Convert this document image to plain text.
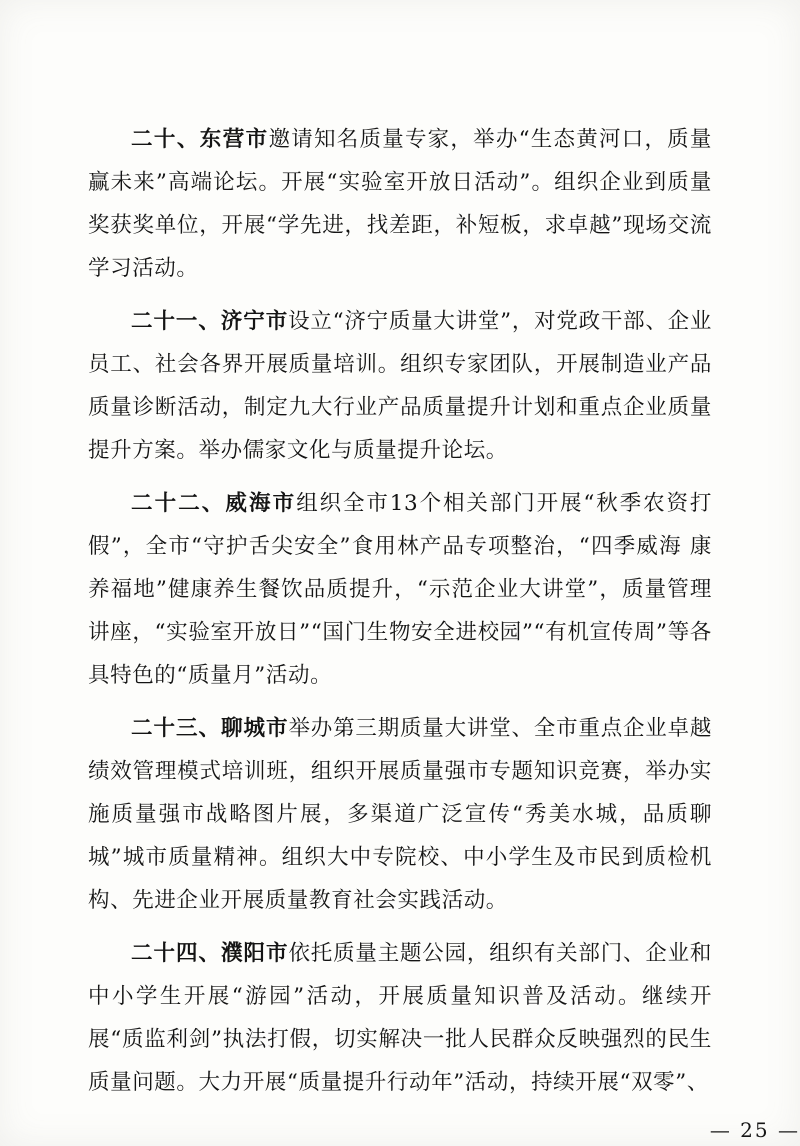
二十、东营市邀请知名质量专家，举办“生态黄河口，质量赢未来”高端论坛。开展“实验室开放日活动”。组织企业到质量奖获奖单位，开展“学先进，找差距，补短板，求卓越”现场交流学习活动。

二十一、济宁市设立“济宁质量大讲堂”，对党政干部、企业员工、社会各界开展质量培训。组织专家团队，开展制造业产品质量诊断活动，制定九大行业产品质量提升计划和重点企业质量提升方案。举办儒家文化与质量提升论坛。

二十二、威海市组织全市13个相关部门开展“秋季农资打假”，全市“守护舌尖安全”食用林产品专项整治，“四季威海 康养福地”健康养生餐饮品质提升，“示范企业大讲堂”，质量管理讲座，“实验室开放日”“国门生物安全进校园”“有机宣传周”等各具特色的“质量月”活动。

二十三、聊城市举办第三期质量大讲堂、全市重点企业卓越绩效管理模式培训班，组织开展质量强市专题知识竞赛，举办实施质量强市战略图片展，多渠道广泛宣传“秀美水城，品质聊城”城市质量精神。组织大中专院校、中小学生及市民到质检机构、先进企业开展质量教育社会实践活动。

二十四、濮阳市依托质量主题公园，组织有关部门、企业和中小学生开展“游园”活动，开展质量知识普及活动。继续开展“质监利剑”执法打假，切实解决一批人民群众反映强烈的民生质量问题。大力开展“质量提升行动年”活动，持续开展“双零”、

— 25 —
